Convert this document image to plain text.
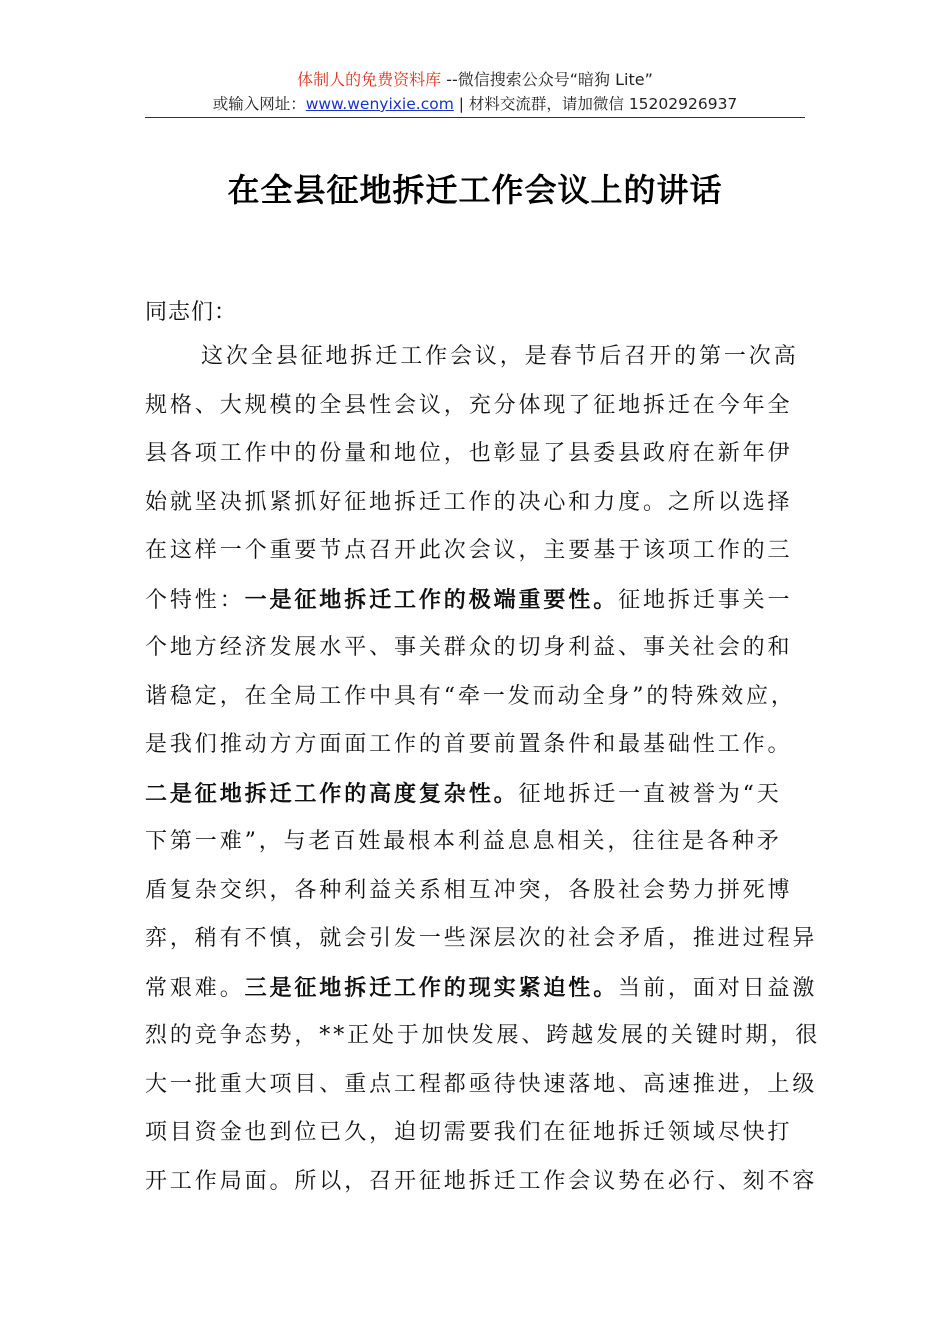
体制人的免费资料库 --微信搜索公众号“暗狗 Lite”
或输入网址：www.wenyixie.com | 材料交流群，请加微信 15202926937
在全县征地拆迁工作会议上的讲话
同志们：
这次全县征地拆迁工作会议，是春节后召开的第一次高
规格、大规模的全县性会议，充分体现了征地拆迁在今年全
县各项工作中的份量和地位，也彰显了县委县政府在新年伊
始就坚决抓紧抓好征地拆迁工作的决心和力度。之所以选择
在这样一个重要节点召开此次会议，主要基于该项工作的三
个特性：一是征地拆迁工作的极端重要性。征地拆迁事关一
个地方经济发展水平、事关群众的切身利益、事关社会的和
谐稳定，在全局工作中具有“牵一发而动全身”的特殊效应，
是我们推动方方面面工作的首要前置条件和最基础性工作。
二是征地拆迁工作的高度复杂性。征地拆迁一直被誉为“天
下第一难”，与老百姓最根本利益息息相关，往往是各种矛
盾复杂交织，各种利益关系相互冲突，各股社会势力拼死博
弈，稍有不慎，就会引发一些深层次的社会矛盾，推进过程异
常艰难。三是征地拆迁工作的现实紧迫性。当前，面对日益激
烈的竞争态势，**正处于加快发展、跨越发展的关键时期，很
大一批重大项目、重点工程都亟待快速落地、高速推进，上级
项目资金也到位已久，迫切需要我们在征地拆迁领域尽快打
开工作局面。所以，召开征地拆迁工作会议势在必行、刻不容
